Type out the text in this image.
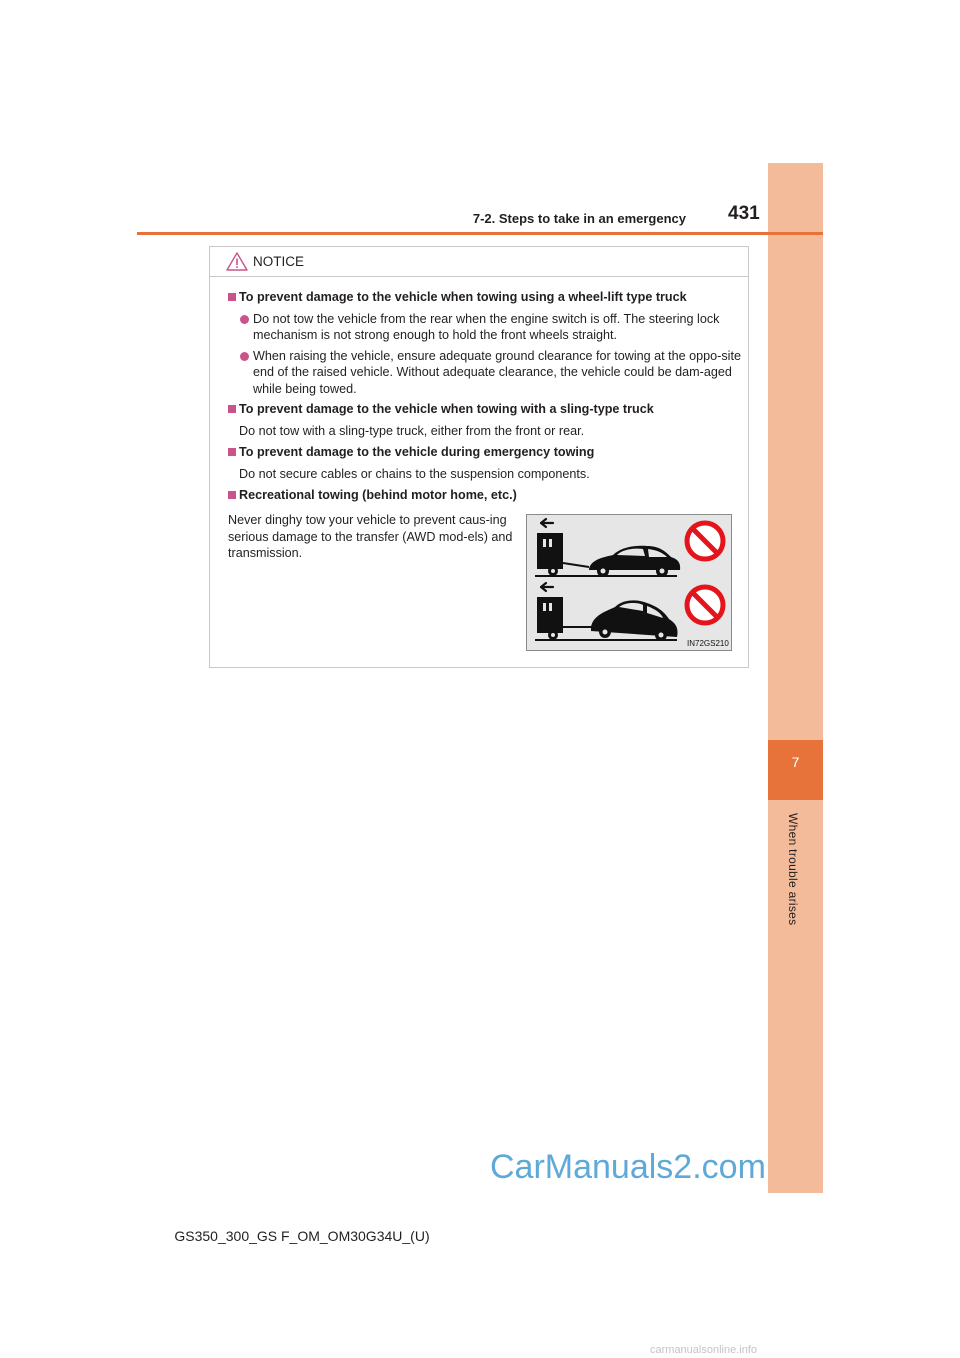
7
When trouble arises
7-2. Steps to take in an emergency 431
NOTICE
To prevent damage to the vehicle when towing using a wheel-lift type truck
Do not tow the vehicle from the rear when the engine switch is off. The steering lock mechanism is not strong enough to hold the front wheels straight.
When raising the vehicle, ensure adequate ground clearance for towing at the oppo-site end of the raised vehicle. Without adequate clearance, the vehicle could be dam-aged while being towed.
To prevent damage to the vehicle when towing with a sling-type truck
Do not tow with a sling-type truck, either from the front or rear.
To prevent damage to the vehicle during emergency towing
Do not secure cables or chains to the suspension components.
Recreational towing (behind motor home, etc.)
Never dinghy tow your vehicle to prevent caus-ing serious damage to the transfer (AWD mod-els) and transmission.
IN72GS210
CarManuals2.com
GS350_300_GS F_OM_OM30G34U_(U)
carmanualsonline.info
